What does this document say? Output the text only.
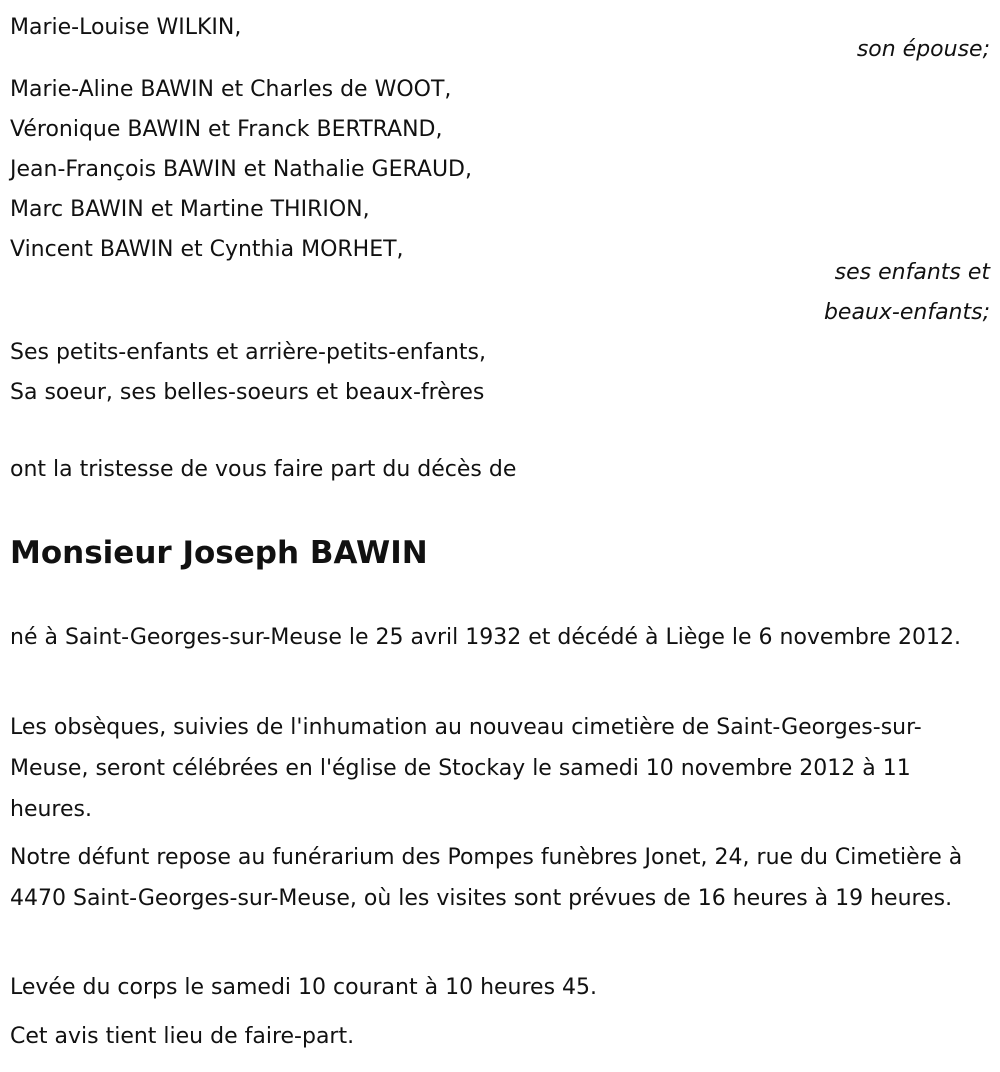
Marie-Louise WILKIN,
son épouse;
Marie-Aline BAWIN et Charles de WOOT,
Véronique BAWIN et Franck BERTRAND,
Jean-François BAWIN et Nathalie GERAUD,
Marc BAWIN et Martine THIRION,
Vincent BAWIN et Cynthia MORHET,
ses enfants et
beaux-enfants;
Ses petits-enfants et arrière-petits-enfants,
Sa soeur, ses belles-soeurs et beaux-frères
ont la tristesse de vous faire part du décès de
Monsieur Joseph BAWIN
né à Saint-Georges-sur-Meuse le 25 avril 1932 et décédé à Liège le 6 novembre 2012.
Les obsèques, suivies de l'inhumation au nouveau cimetière de Saint-Georges-sur-Meuse, seront célébrées en l'église de Stockay le samedi 10 novembre 2012 à 11 heures.
Notre défunt repose au funérarium des Pompes funèbres Jonet, 24, rue du Cimetière à 4470 Saint-Georges-sur-Meuse, où les visites sont prévues de 16 heures à 19 heures.
Levée du corps le samedi 10 courant à 10 heures 45.
Cet avis tient lieu de faire-part.
